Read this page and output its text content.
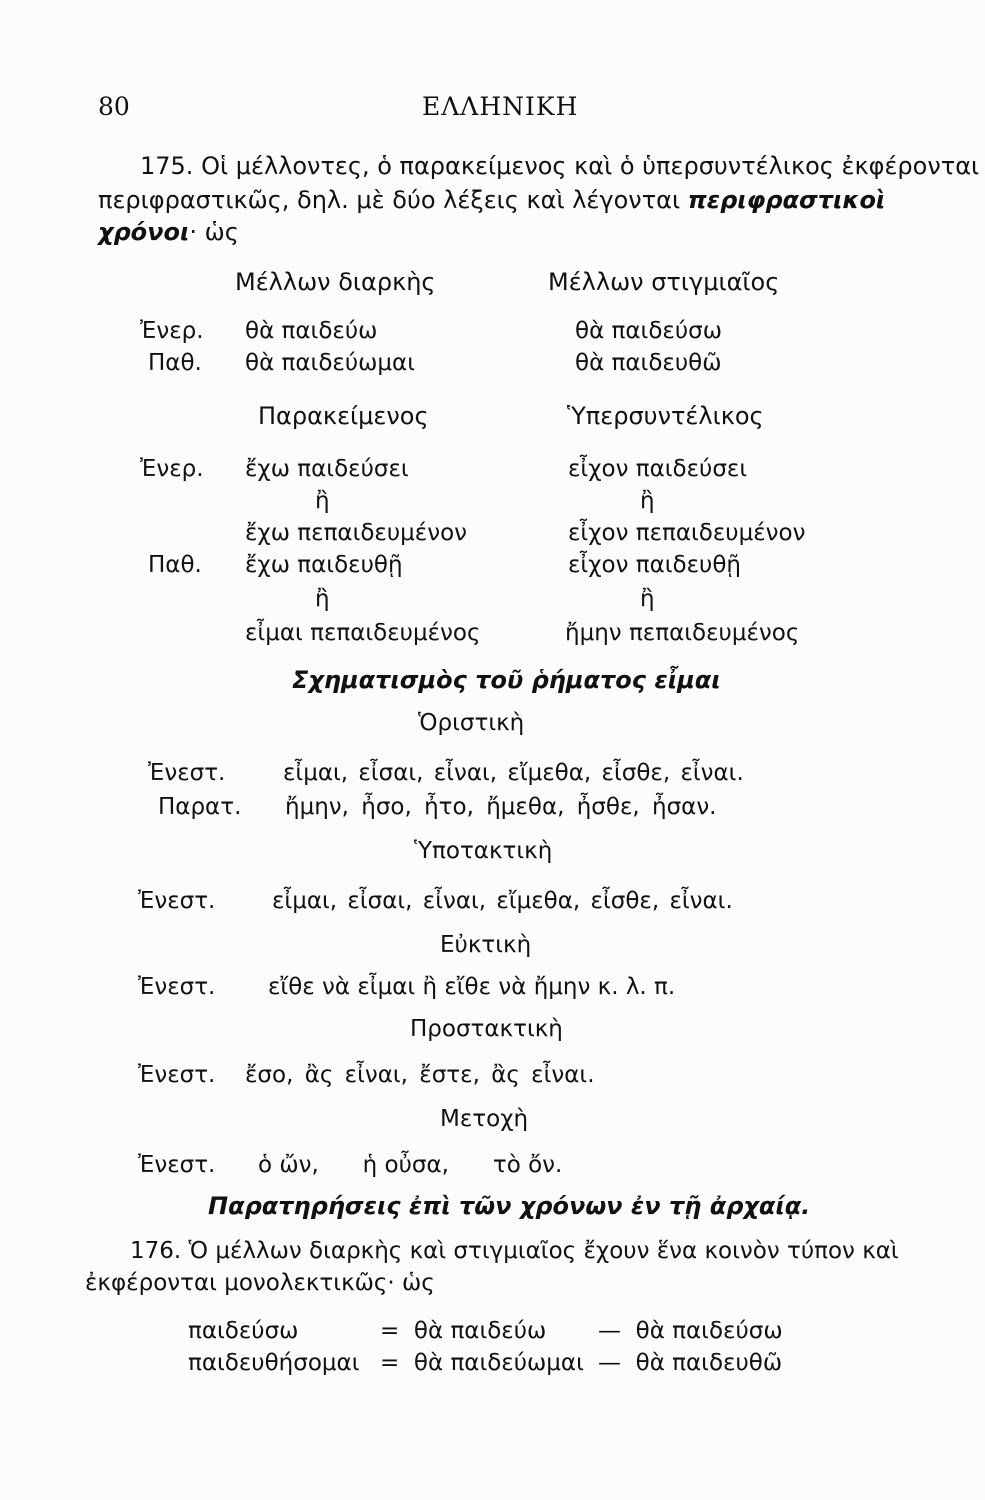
80	ΕΛΛΗΝΙΚΗ
175. Οἱ μέλλοντες, ὁ παρακείμενος καὶ ὁ ὑπερσυντέλικος ἐκφέρονται
περιφραστικῶς, δηλ. μὲ δύο λέξεις καὶ λέγονται περιφραστικοὶ
χρόνοι· ὡς
Μέλλων διαρκὴς	Μέλλων στιγμιαῖος
Ἐνερ. θὰ παιδεύω	θὰ παιδεύσω
Παθ. θὰ παιδεύωμαι	θὰ παιδευθῶ
Παρακείμενος	Ὑπερσυντέλικος
Ἐνερ. ἔχω παιδεύσει	εἶχον παιδεύσει
ἢ	ἢ
ἔχω πεπαιδευμένον	εἶχον πεπαιδευμένον
Παθ. ἔχω παιδευθῇ	εἶχον παιδευθῇ
ἢ	ἢ
εἶμαι πεπαιδευμένος	ἤμην πεπαιδευμένος
Σχηματισμὸς τοῦ ῥήματος εἶμαι
Ὁριστικὴ
Ἐνεστ.	εἶμαι, εἶσαι, εἶναι, εἴμεθα, εἶσθε, εἶναι.
Παρατ. ἤμην, ἦσο, ἦτο, ἤμεθα, ἦσθε, ἦσαν.
Ὑποτακτικὴ
Ἐνεστ. εἶμαι, εἶσαι, εἶναι, εἴμεθα, εἶσθε, εἶναι.
Εὐκτικὴ
Ἐνεστ. εἴθε νὰ εἶμαι ἢ εἴθε νὰ ἤμην κ. λ. π.
Προστακτικὴ
Ἐνεστ. ἔσο, ἂς εἶναι, ἔστε, ἂς εἶναι.
Μετοχὴ
Ἐνεστ. ὁ ὤν,      ἡ οὖσα,      τὸ ὄν.
Παρατηρήσεις ἐπὶ τῶν χρόνων ἐν τῇ ἀρχαίᾳ.
176. Ὁ μέλλων διαρκὴς καὶ στιγμιαῖος ἔχουν ἕνα κοινὸν τύπον καὶ
ἐκφέρονται μονολεκτικῶς· ὡς
παιδεύσω	=  θὰ παιδεύω —  θὰ παιδεύσω
παιδευθήσομαι =  θὰ παιδεύωμαι —  θὰ παιδευθῶ
